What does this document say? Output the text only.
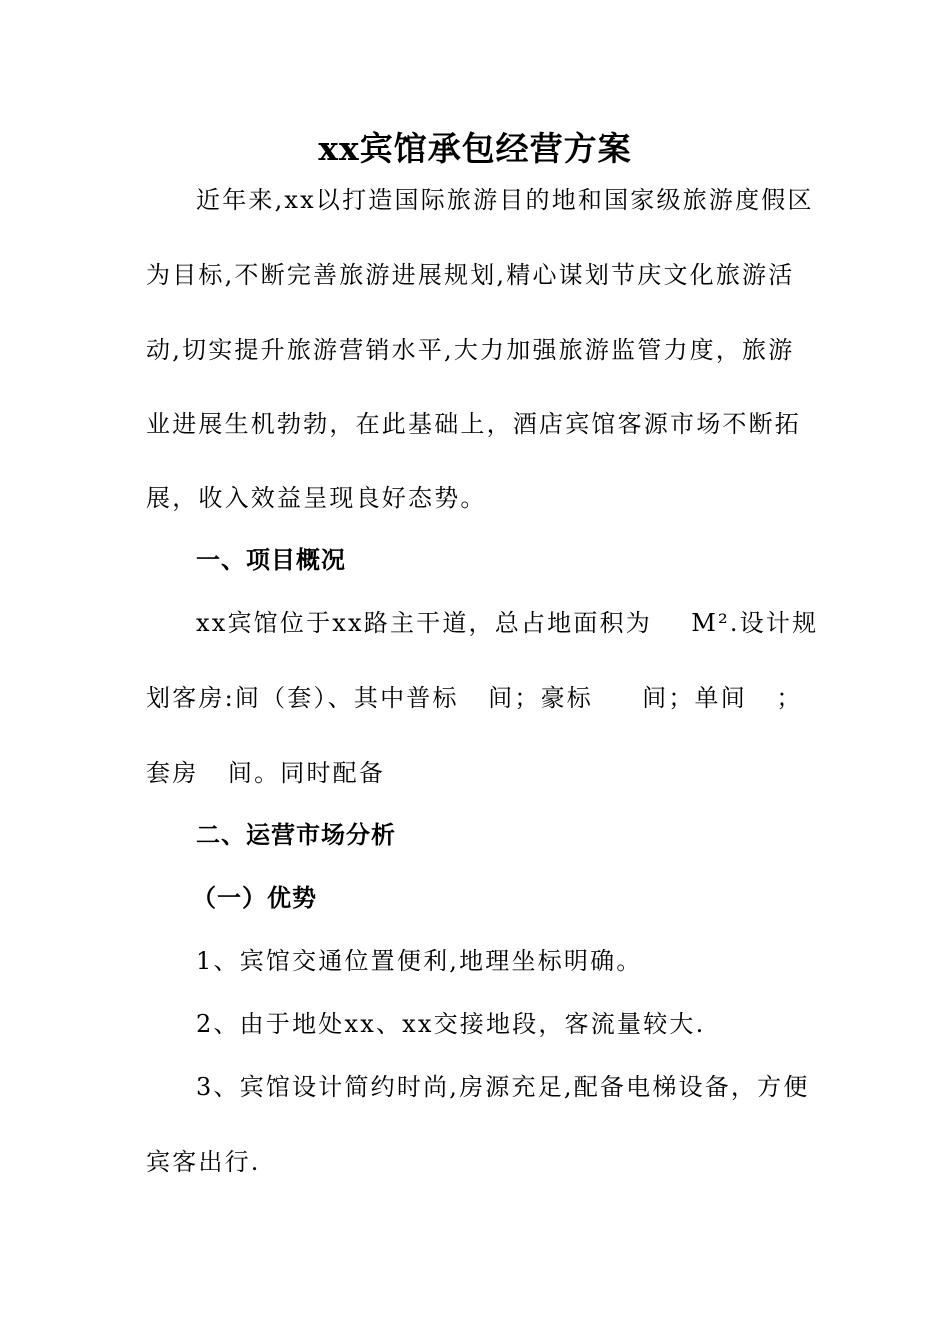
xx宾馆承包经营方案
近年来,xx以打造国际旅游目的地和国家级旅游度假区
为目标,不断完善旅游进展规划,精心谋划节庆文化旅游活
动,切实提升旅游营销水平,大力加强旅游监管力度，旅游
业进展生机勃勃，在此基础上，酒店宾馆客源市场不断拓
展，收入效益呈现良好态势。
一、项目概况
xx宾馆位于xx路主干道，总占地面积为    M².设计规
划客房:间（套）、其中普标   间；豪标     间；单间   ；
套房   间。同时配备
二、运营市场分析
（一）优势
1、宾馆交通位置便利,地理坐标明确。
2、由于地处xx、xx交接地段，客流量较大.
3、宾馆设计简约时尚,房源充足,配备电梯设备，方便
宾客出行.
